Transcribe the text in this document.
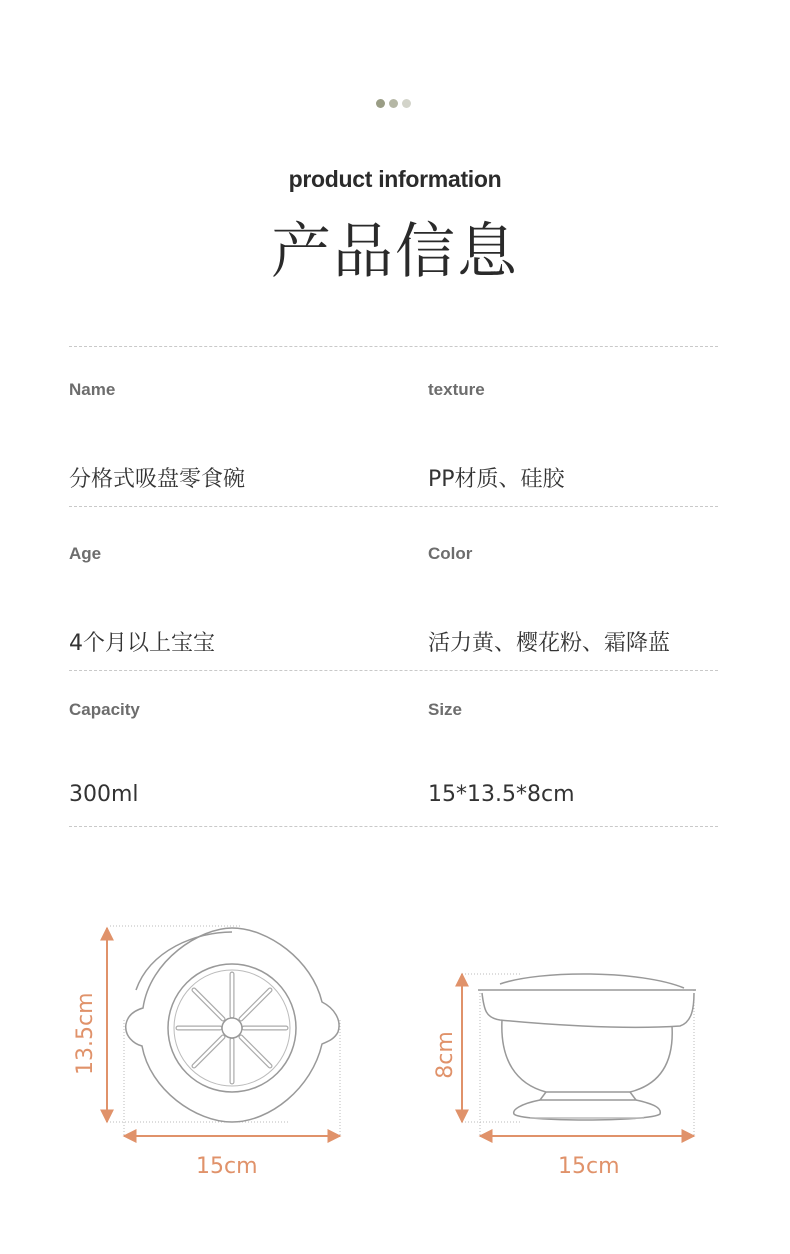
product information
产品信息
Name	texture
分格式吸盘零食碗	PP材质、硅胶
Age	Color
4个月以上宝宝	活力黄、樱花粉、霜降蓝
Capacity	Size
300ml	15*13.5*8cm
13.5cm
15cm
8cm
15cm
